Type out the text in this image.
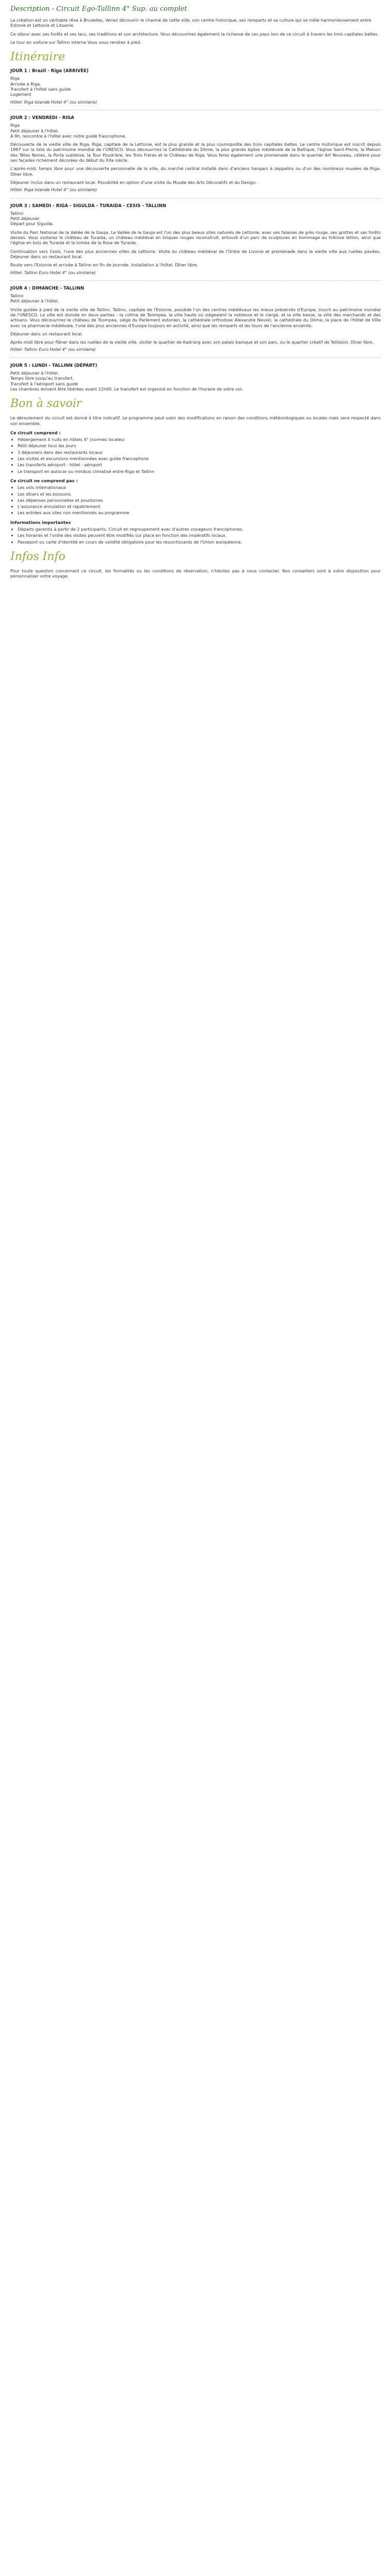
Description - Circuit Ego-Tallinn 4° Sup. au complet

La création est un véritable rêve à Bruxelles. Venez découvrir le charme de cette ville, son centre historique, ses remparts et sa culture qui se mêle harmonieusement entre Estonie et Lettonie et Lituanie.

Ce séjour avec ses forêts et ses lacs, ses traditions et son architecture. Vous découvrirez également la richesse de ces pays lors de ce circuit à travers les trois capitales baltes.

Le tour en voiture sur Tallinn interne Vous vous rendrez à pied.

Itinéraire
JOUR 1 : Brazil - Riga (ARRIVÉE)

Riga

Arrivée à Riga.

Transfert à l'hôtel sans guide

Logement

Hôtel: Riga Islande Hotel 4° (ou similaire)

JOUR 2 : VENDREDI - RIGA

Riga

Petit déjeuner à l'hôtel.

À 9h, rencontre à l'hôtel avec notre guide francophone.

Découverte de la vieille ville de Riga, Riga, capitale de la Lettonie, est la plus grande et la plus cosmopolite des trois capitales baltes. Le centre historique est inscrit depuis 1997 sur la liste du patrimoine mondial de l'UNESCO. Vous découvrirez la Cathédrale du Dôme, la plus grande église médiévale de la Baltique, l'église Saint-Pierre, la Maison des Têtes Noires, la Porte suédoise, la Tour Poudrière, les Trois Frères et le Château de Riga. Vous ferez également une promenade dans le quartier Art Nouveau, célèbre pour ses façades richement décorées du début du XXe siècle.

L'après-midi, temps libre pour une découverte personnelle de la ville, du marché central installé dans d'anciens hangars à zeppelins ou d'un des nombreux musées de Riga. Dîner libre.

Déjeuner inclus dans un restaurant local. Possibilité en option d'une visite du Musée des Arts Décoratifs et du Design.

Hôtel: Riga Islande Hotel 4° (ou similaire)

JOUR 3 : SAMEDI - RIGA - SIGULDA - TURAIDA - CESIS - TALLINN

Tallinn

Petit déjeuner

Départ pour Sigulda.

Visite du Parc National de la Vallée de la Gauja. La Vallée de la Gauja est l'un des plus beaux sites naturels de Lettonie, avec ses falaises de grès rouge, ses grottes et ses forêts denses. Vous visiterez le château de Turaida, un château médiéval en briques rouges reconstruit, entouré d'un parc de sculptures en hommage au folklore letton, ainsi que l'église en bois de Turaida et la tombe de la Rose de Turaida.

Continuation vers Cesis, l'une des plus anciennes villes de Lettonie. Visite du château médiéval de l'Ordre de Livonie et promenade dans la vieille ville aux ruelles pavées. Déjeuner dans un restaurant local.

Route vers l'Estonie et arrivée à Tallinn en fin de journée. Installation à l'hôtel. Dîner libre.

Hôtel: Tallinn Euro Hotel 4° (ou similaire)

JOUR 4 : DIMANCHE - TALLINN

Tallinn

Petit déjeuner à l'hôtel.

Visite guidée à pied de la vieille ville de Tallinn. Tallinn, capitale de l'Estonie, possède l'un des centres médiévaux les mieux préservés d'Europe, inscrit au patrimoine mondial de l'UNESCO. La ville est divisée en deux parties : la colline de Toompea, la ville haute où siégeaient la noblesse et le clergé, et la ville basse, la ville des marchands et des artisans. Vous découvrirez le château de Toompea, siège du Parlement estonien, la cathédrale orthodoxe Alexandre Nevski, la cathédrale du Dôme, la place de l'Hôtel de Ville avec sa pharmacie médiévale, l'une des plus anciennes d'Europe toujours en activité, ainsi que les remparts et les tours de l'ancienne enceinte.

Déjeuner dans un restaurant local.

Après-midi libre pour flâner dans les ruelles de la vieille ville, visiter le quartier de Kadriorg avec son palais baroque et son parc, ou le quartier créatif de Telliskivi. Dîner libre.

Hôtel: Tallinn Euro Hotel 4° (ou similaire)

JOUR 5 : LUNDI - TALLINN (DÉPART)

Petit déjeuner à l'hôtel.

Temps libre jusqu'au transfert.

Transfert à l'aéroport sans guide

Les chambres doivent être libérées avant 12h00. Le transfert est organisé en fonction de l'horaire de votre vol.

Bon à savoir

Le déroulement du circuit est donné à titre indicatif. Le programme peut subir des modifications en raison des conditions météorologiques ou locales mais sera respecté dans son ensemble.

Ce circuit comprend :
• Hébergement 4 nuits en hôtels 4° (normes locales)
• Petit déjeuner tous les jours
• 3 déjeuners dans des restaurants locaux
• Les visites et excursions mentionnées avec guide francophone
• Les transferts aéroport - hôtel - aéroport
• Le transport en autocar ou minibus climatisé entre Riga et Tallinn
Ce circuit ne comprend pas :
• Les vols internationaux
• Les dîners et les boissons
• Les dépenses personnelles et pourboires
• L'assurance annulation et rapatriement
• Les entrées aux sites non mentionnés au programme
Informations importantes
• Départs garantis à partir de 2 participants. Circuit en regroupement avec d'autres voyageurs francophones.
• Les horaires et l'ordre des visites peuvent être modifiés sur place en fonction des impératifs locaux.
• Passeport ou carte d'identité en cours de validité obligatoire pour les ressortissants de l'Union européenne.
Infos Info

Pour toute question concernant ce circuit, les formalités ou les conditions de réservation, n'hésitez pas à nous contacter. Nos conseillers sont à votre disposition pour personnaliser votre voyage.
